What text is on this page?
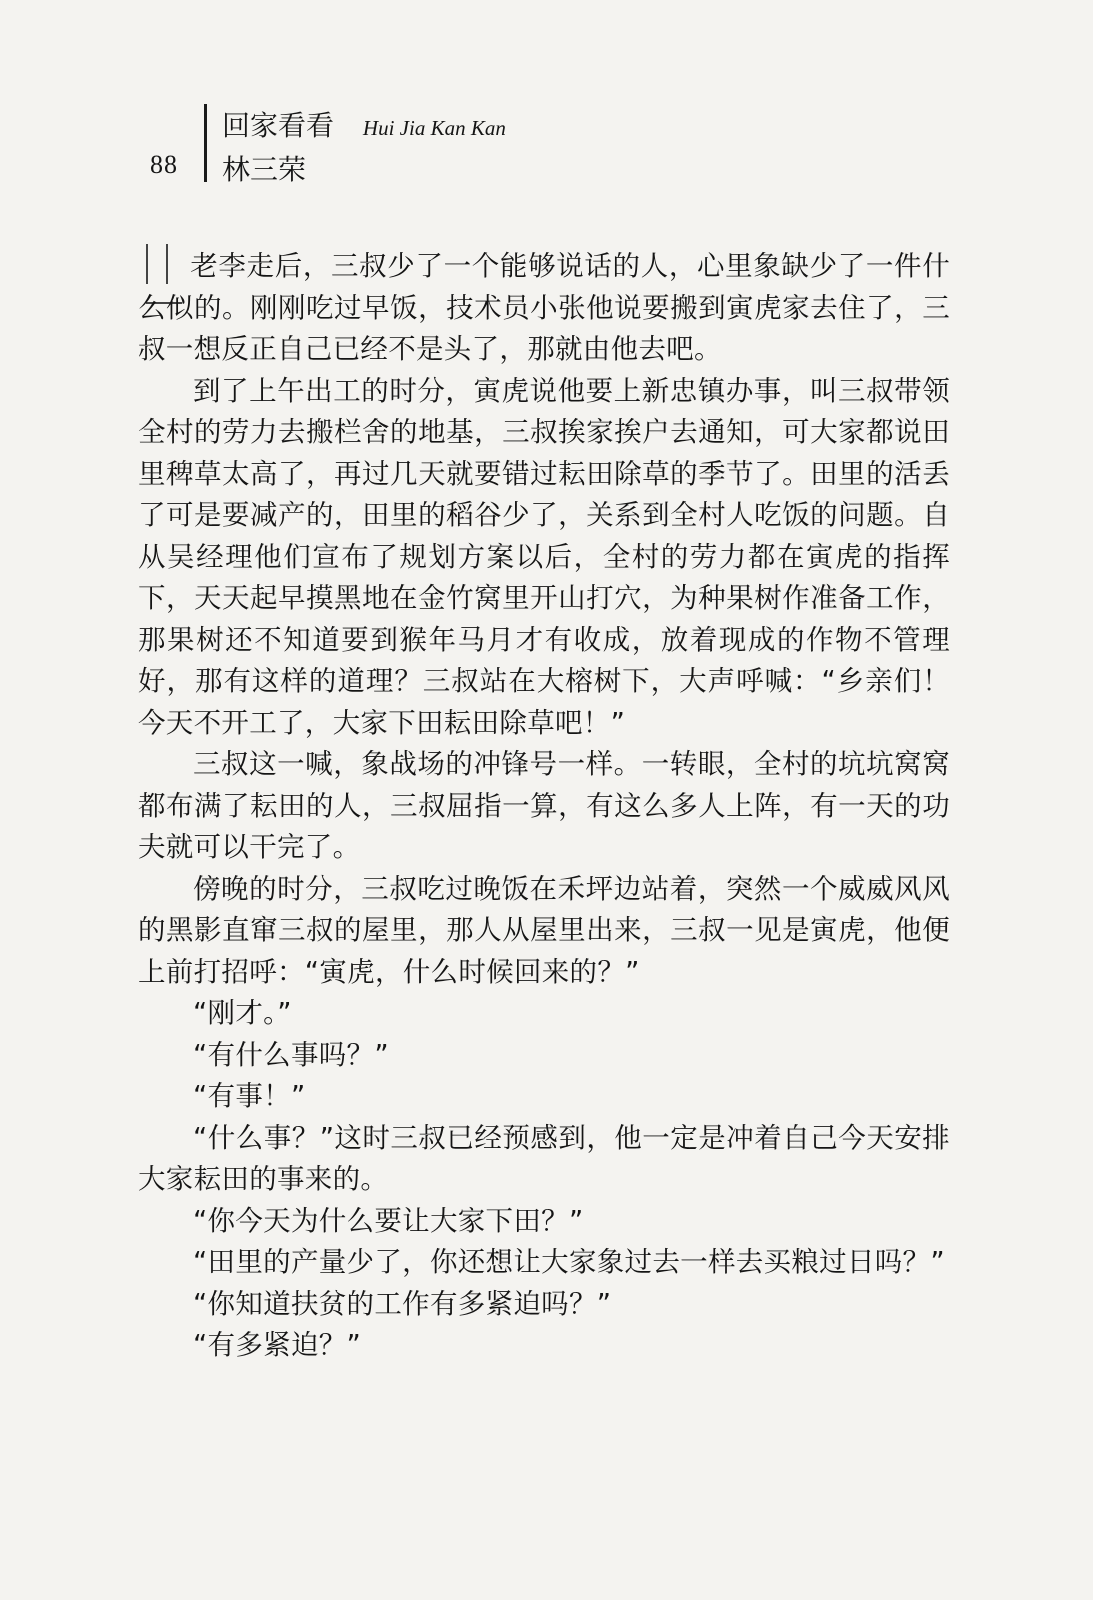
88
回家看看 Hui Jia Kan Kan
林三荣

老李走后，三叔少了一个能够说话的人，心里象缺少了一件什么似的。刚刚吃过早饭，技术员小张他说要搬到寅虎家去住了，三叔一想反正自己已经不是头了，那就由他去吧。

到了上午出工的时分，寅虎说他要上新忠镇办事，叫三叔带领全村的劳力去搬栏舍的地基，三叔挨家挨户去通知，可大家都说田里稗草太高了，再过几天就要错过耘田除草的季节了。田里的活丢了可是要减产的，田里的稻谷少了，关系到全村人吃饭的问题。自从吴经理他们宣布了规划方案以后，全村的劳力都在寅虎的指挥下，天天起早摸黑地在金竹窝里开山打穴，为种果树作准备工作，那果树还不知道要到猴年马月才有收成，放着现成的作物不管理好，那有这样的道理？三叔站在大榕树下，大声呼喊：“乡亲们！今天不开工了，大家下田耘田除草吧！”

三叔这一喊，象战场的冲锋号一样。一转眼，全村的坑坑窝窝都布满了耘田的人，三叔屈指一算，有这么多人上阵，有一天的功夫就可以干完了。

傍晚的时分，三叔吃过晚饭在禾坪边站着，突然一个威威风风的黑影直窜三叔的屋里，那人从屋里出来，三叔一见是寅虎，他便上前打招呼：“寅虎，什么时候回来的？”

“刚才。”

“有什么事吗？”

“有事！”

“什么事？”这时三叔已经预感到，他一定是冲着自己今天安排大家耘田的事来的。

“你今天为什么要让大家下田？”

“田里的产量少了，你还想让大家象过去一样去买粮过日吗？”

“你知道扶贫的工作有多紧迫吗？”

“有多紧迫？”
